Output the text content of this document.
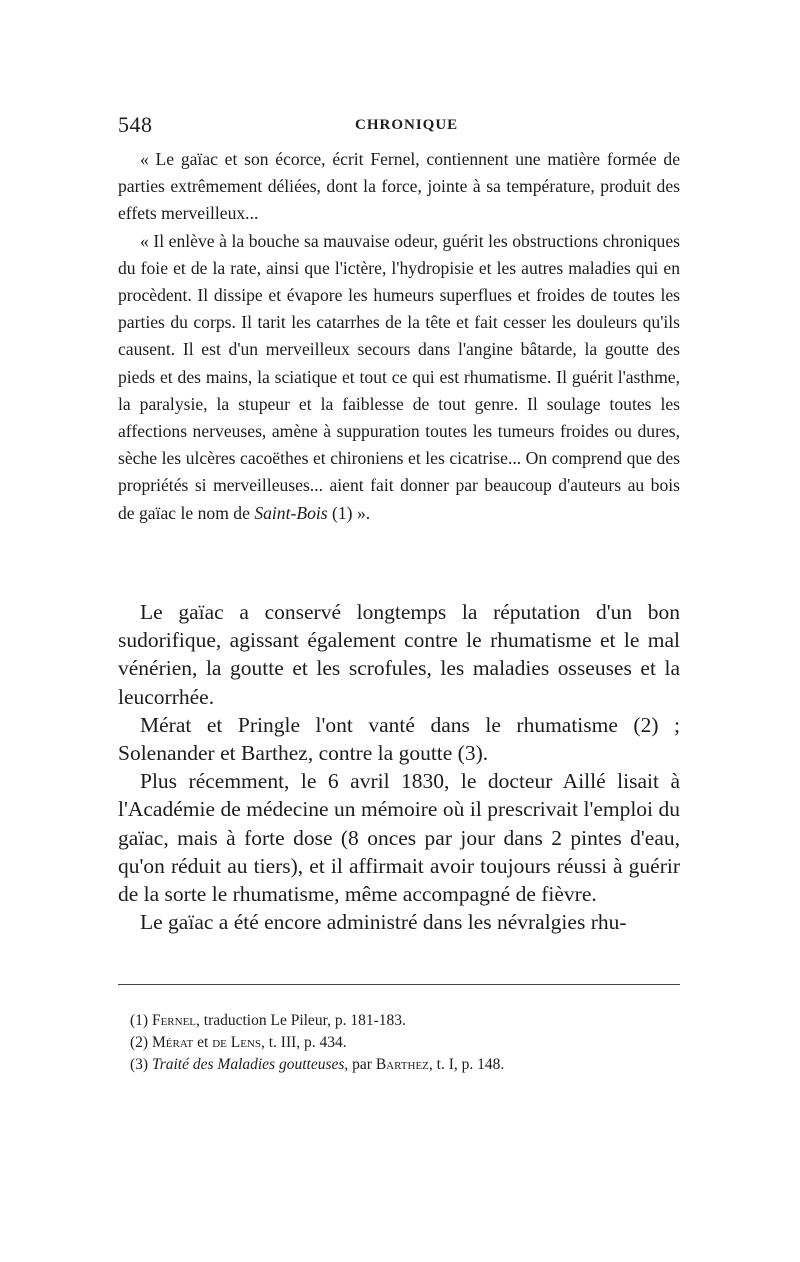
548	CHRONIQUE

« Le gaïac et son écorce, écrit Fernel, contiennent une matière formée de parties extrêmement déliées, dont la force, jointe à sa température, produit des effets merveilleux...

« Il enlève à la bouche sa mauvaise odeur, guérit les obstructions chroniques du foie et de la rate, ainsi que l'ictère, l'hydropisie et les autres maladies qui en procèdent. Il dissipe et évapore les humeurs superflues et froides de toutes les parties du corps. Il tarit les catarrhes de la tête et fait cesser les douleurs qu'ils causent. Il est d'un merveilleux secours dans l'angine bâtarde, la goutte des pieds et des mains, la sciatique et tout ce qui est rhumatisme. Il guérit l'asthme, la paralysie, la stupeur et la faiblesse de tout genre. Il soulage toutes les affections nerveuses, amène à suppuration toutes les tumeurs froides ou dures, sèche les ulcères cacoëthes et chironiens et les cicatrise... On comprend que des propriétés si merveilleuses... aient fait donner par beaucoup d'auteurs au bois de gaïac le nom de Saint-Bois (1) ».

Le gaïac a conservé longtemps la réputation d'un bon sudorifique, agissant également contre le rhumatisme et le mal vénérien, la goutte et les scrofules, les maladies osseuses et la leucorrhée.

Mérat et Pringle l'ont vanté dans le rhumatisme (2) ; Solenander et Barthez, contre la goutte (3).

Plus récemment, le 6 avril 1830, le docteur Aillé lisait à l'Académie de médecine un mémoire où il prescrivait l'emploi du gaïac, mais à forte dose (8 onces par jour dans 2 pintes d'eau, qu'on réduit au tiers), et il affirmait avoir toujours réussi à guérir de la sorte le rhumatisme, même accompagné de fièvre.

Le gaïac a été encore administré dans les névralgies rhu-

(1) Fernel, traduction Le Pileur, p. 181-183.
(2) Mérat et de Lens, t. III, p. 434.
(3) Traité des Maladies goutteuses, par Barthez, t. I, p. 148.
